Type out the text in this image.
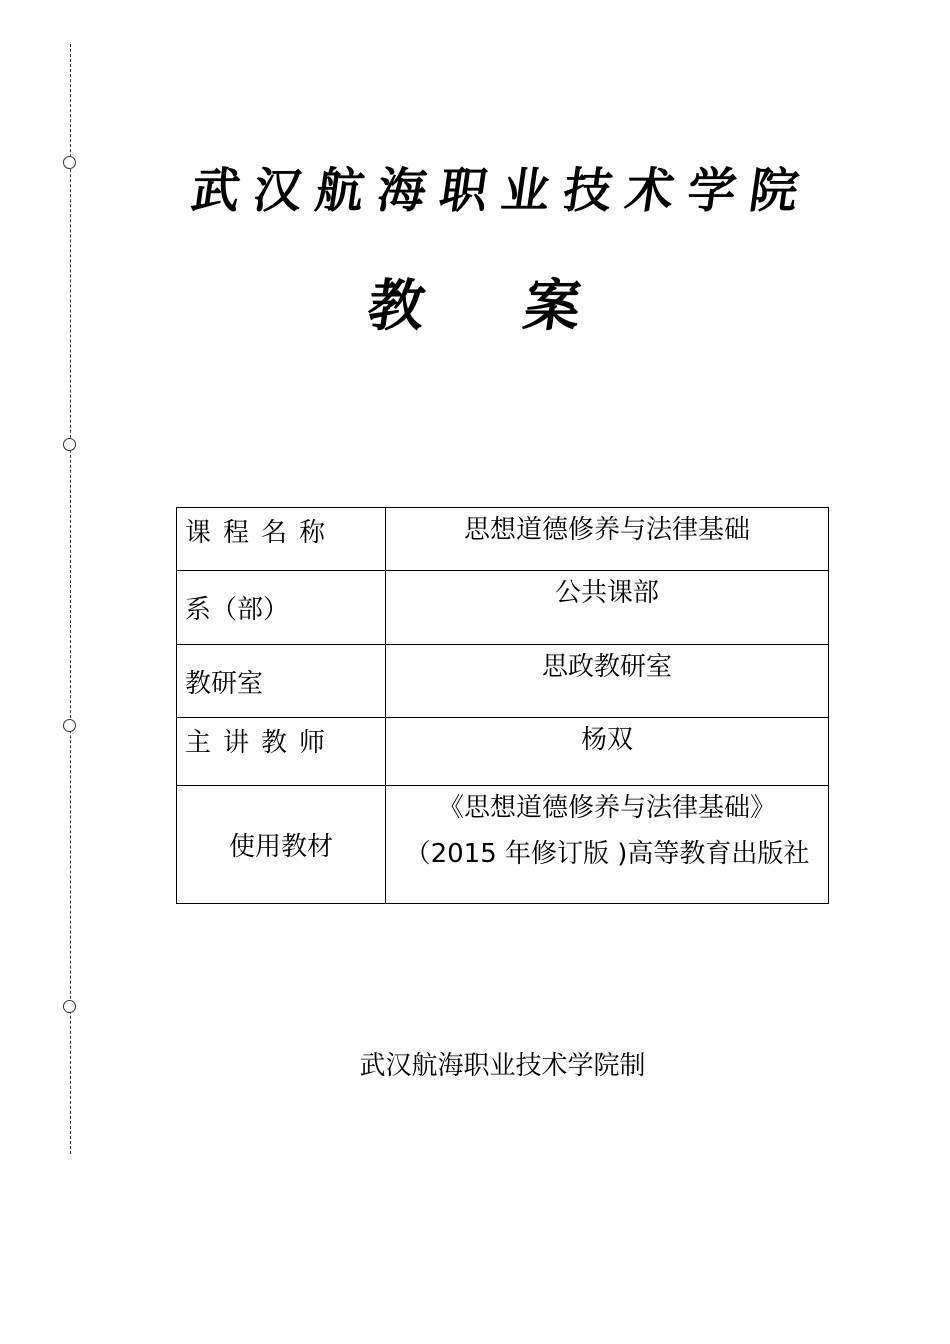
武汉航海职业技术学院
教案
课程名称	思想道德修养与法律基础

系（部）	公共课部

教研室	思政教研室

主讲教师	杨双

使用教材	《思想道德修养与法律基础》
（2015 年修订版 )高等教育出版社
武汉航海职业技术学院制
